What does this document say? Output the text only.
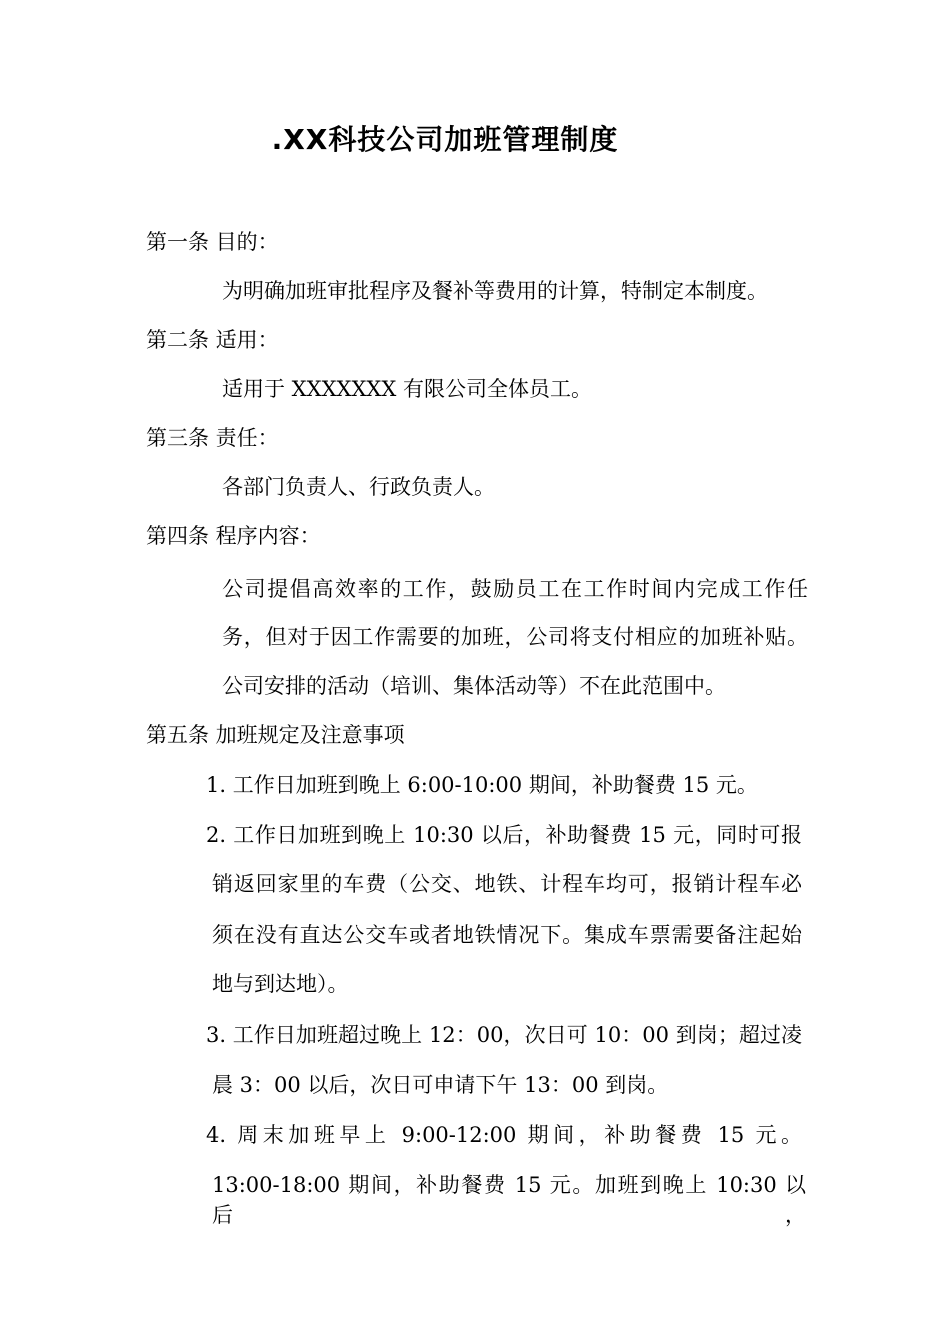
.XX科技公司加班管理制度
第一条 目的：
为明确加班审批程序及餐补等费用的计算，特制定本制度。
第二条 适用：
适用于 XXXXXXX 有限公司全体员工。
第三条 责任：
各部门负责人、行政负责人。
第四条 程序内容：
公司提倡高效率的工作，鼓励员工在工作时间内完成工作任
务，但对于因工作需要的加班，公司将支付相应的加班补贴。
公司安排的活动（培训、集体活动等）不在此范围中。
第五条 加班规定及注意事项
1. 工作日加班到晚上 6:00-10:00 期间，补助餐费 15 元。
2. 工作日加班到晚上 10:30 以后，补助餐费 15 元，同时可报
销返回家里的车费（公交、地铁、计程车均可，报销计程车必
须在没有直达公交车或者地铁情况下。集成车票需要备注起始
地与到达地）。
3. 工作日加班超过晚上 12：00，次日可 10：00 到岗；超过凌
晨 3：00 以后，次日可申请下午 13：00 到岗。
4. 周末加班早上 9:00-12:00 期间，补助餐费 15 元。
13:00-18:00 期间，补助餐费 15 元。加班到晚上 10:30 以后，
